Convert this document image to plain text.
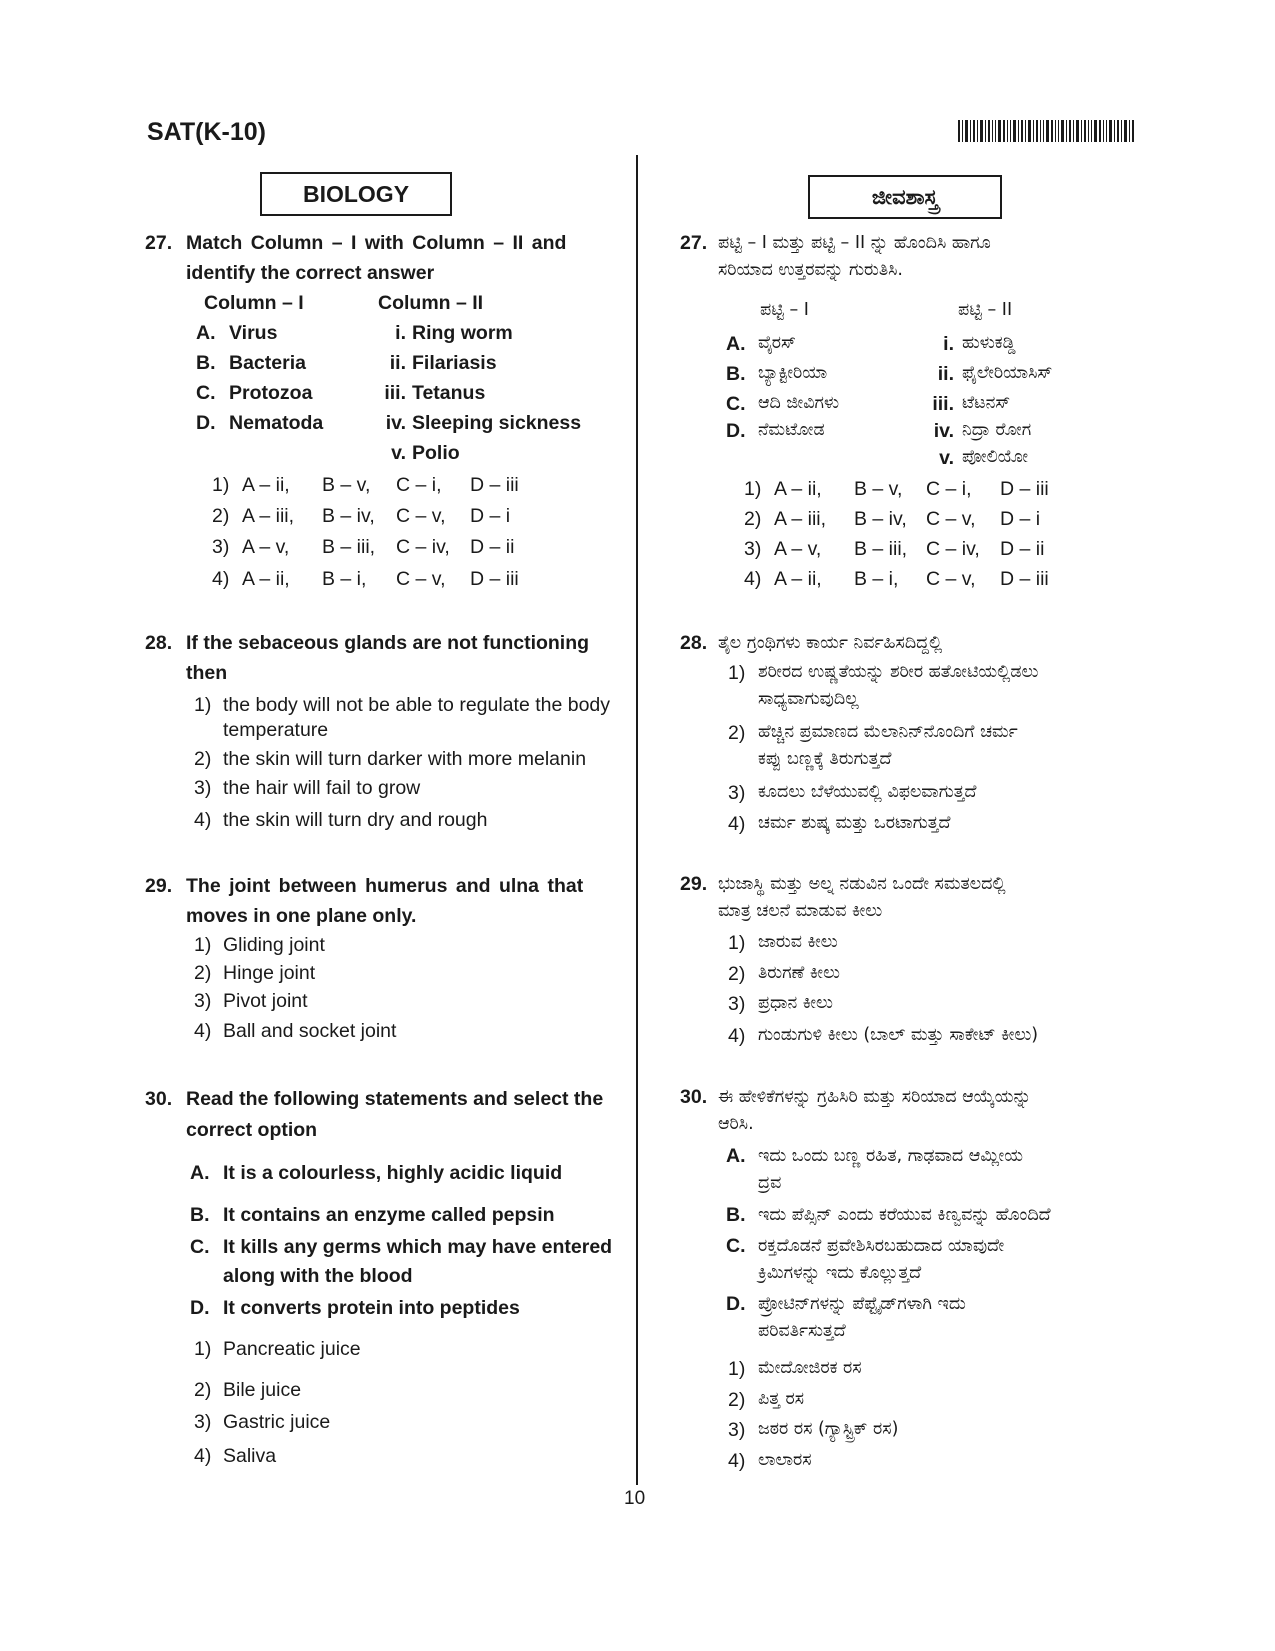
SAT(K-10)
BIOLOGY
27. Match Column – I with Column – II and
identify the correct answer
Column – I	Column – II
A. Virus
B. Bacteria
C. Protozoa
D. Nematoda
i. Ring worm
ii. Filariasis
iii. Tetanus
iv. Sleeping sickness
v. Polio
1) A – ii, B – v, C – i, D – iii
2) A – iii, B – iv, C – v, D – i
3) A – v, B – iii, C – iv, D – ii
4) A – ii, B – i, C – v, D – iii
28. If the sebaceous glands are not functioning
then
1) the body will not be able to regulate the body
temperature
2) the skin will turn darker with more melanin
3) the hair will fail to grow
4) the skin will turn dry and rough
29. The joint between humerus and ulna that
moves in one plane only.
1) Gliding joint
2) Hinge joint
3) Pivot joint
4) Ball and socket joint
30. Read the following statements and select the
correct option
A. It is a colourless, highly acidic liquid
B. It contains an enzyme called pepsin
C. It kills any germs which may have entered
along with the blood
D. It converts protein into peptides
1) Pancreatic juice
2) Bile juice
3) Gastric juice
4) Saliva
ಜೀವಶಾಸ್ತ್ರ
27. ಪಟ್ಟಿ – I ಮತ್ತು ಪಟ್ಟಿ – II ನ್ನು ಹೊಂದಿಸಿ ಹಾಗೂ
ಸರಿಯಾದ ಉತ್ತರವನ್ನು ಗುರುತಿಸಿ.
ಪಟ್ಟಿ – I	ಪಟ್ಟಿ – II
A. ವೈರಸ್
B. ಬ್ಯಾಕ್ಟೀರಿಯಾ
C. ಆದಿ ಜೀವಿಗಳು
D. ನೆಮಟೋಡ
i. ಹುಳುಕಡ್ಡಿ
ii. ಫೈಲೇರಿಯಾಸಿಸ್
iii. ಟೆಟನಸ್
iv. ನಿದ್ರಾ ರೋಗ
v. ಪೋಲಿಯೋ
1) A – ii, B – v, C – i, D – iii
2) A – iii, B – iv, C – v, D – i
3) A – v, B – iii, C – iv, D – ii
4) A – ii, B – i, C – v, D – iii
28. ತೈಲ ಗ್ರಂಥಿಗಳು ಕಾರ್ಯ ನಿರ್ವಹಿಸದಿದ್ದಲ್ಲಿ
1) ಶರೀರದ ಉಷ್ಣತೆಯನ್ನು ಶರೀರ ಹತೋಟಿಯಲ್ಲಿಡಲು
ಸಾಧ್ಯವಾಗುವುದಿಲ್ಲ
2) ಹೆಚ್ಚಿನ ಪ್ರಮಾಣದ ಮೆಲಾನಿನ್‌ನೊಂದಿಗೆ ಚರ್ಮ
ಕಪ್ಪು ಬಣ್ಣಕ್ಕೆ ತಿರುಗುತ್ತದೆ
3) ಕೂದಲು ಬೆಳೆಯುವಲ್ಲಿ ವಿಫಲವಾಗುತ್ತದೆ
4) ಚರ್ಮ ಶುಷ್ಕ ಮತ್ತು ಒರಟಾಗುತ್ತದೆ
29. ಭುಜಾಸ್ಥಿ ಮತ್ತು ಅಲ್ನ ನಡುವಿನ ಒಂದೇ ಸಮತಲದಲ್ಲಿ
ಮಾತ್ರ ಚಲನೆ ಮಾಡುವ ಕೀಲು
1) ಜಾರುವ ಕೀಲು
2) ತಿರುಗಣೆ ಕೀಲು
3) ಪ್ರಧಾನ ಕೀಲು
4) ಗುಂಡುಗುಳಿ ಕೀಲು (ಬಾಲ್ ಮತ್ತು ಸಾಕೇಟ್ ಕೀಲು)
30. ಈ ಹೇಳಿಕೆಗಳನ್ನು ಗ್ರಹಿಸಿರಿ ಮತ್ತು ಸರಿಯಾದ ಆಯ್ಕೆಯನ್ನು
ಆರಿಸಿ.
A. ಇದು ಒಂದು ಬಣ್ಣ ರಹಿತ, ಗಾಢವಾದ ಆಮ್ಲೀಯ
ದ್ರವ
B. ಇದು ಪೆಪ್ಸಿನ್ ಎಂದು ಕರೆಯುವ ಕಿಣ್ವವನ್ನು ಹೊಂದಿದೆ
C. ರಕ್ತದೊಡನೆ ಪ್ರವೇಶಿಸಿರಬಹುದಾದ ಯಾವುದೇ
ಕ್ರಿಮಿಗಳನ್ನು ಇದು ಕೊಲ್ಲುತ್ತದೆ
D. ಪ್ರೋಟಿನ್‌ಗಳನ್ನು ಪೆಪ್ಟೈಡ್‌ಗಳಾಗಿ ಇದು
ಪರಿವರ್ತಿಸುತ್ತದೆ
1) ಮೇದೋಜಿರಕ ರಸ
2) ಪಿತ್ತ ರಸ
3) ಜಠರ ರಸ (ಗ್ಯಾಸ್ಟ್ರಿಕ್ ರಸ)
4) ಲಾಲಾರಸ
10
